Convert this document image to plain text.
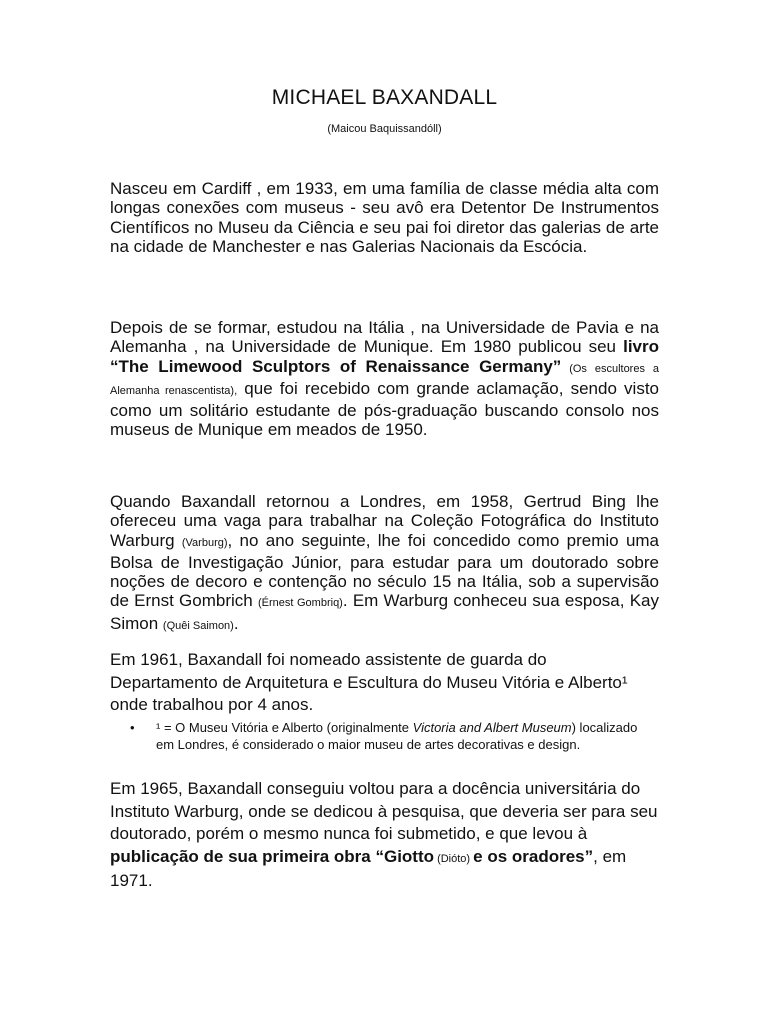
MICHAEL BAXANDALL
(Maicou Baquissandóll)

Nasceu em Cardiff , em 1933, em uma família de classe média alta com longas conexões com museus - seu avô era Detentor De Instrumentos Científicos no Museu da Ciência e seu pai foi diretor das galerias de arte na cidade de Manchester e nas Galerias Nacionais da Escócia.

Depois de se formar, estudou na Itália , na Universidade de Pavia e na Alemanha , na Universidade de Munique. Em 1980 publicou seu livro “The Limewood Sculptors of Renaissance Germany” (Os escultores a Alemanha renascentista), que foi recebido com grande aclamação, sendo visto como um solitário estudante de pós-graduação buscando consolo nos museus de Munique em meados de 1950.

Quando Baxandall retornou a Londres, em 1958, Gertrud Bing lhe ofereceu uma vaga para trabalhar na Coleção Fotográfica do Instituto Warburg (Varburg), no ano seguinte, lhe foi concedido como premio uma Bolsa de Investigação Júnior, para estudar para um doutorado sobre noções de decoro e contenção no século 15 na Itália, sob a supervisão de Ernst Gombrich (Érnest Gombriq). Em Warburg conheceu sua esposa, Kay Simon (Quêi Saimon).

Em 1961, Baxandall foi nomeado assistente de guarda do Departamento de Arquitetura e Escultura do Museu Vitória e Alberto¹ onde trabalhou por 4 anos.

• ¹ = O Museu Vitória e Alberto (originalmente Victoria and Albert Museum) localizado em Londres, é considerado o maior museu de artes decorativas e design.

Em 1965, Baxandall conseguiu voltou para a docência universitária do Instituto Warburg, onde se dedicou à pesquisa, que deveria ser para seu doutorado, porém o mesmo nunca foi submetido, e que levou à publicação de sua primeira obra “Giotto (Dióto) e os oradores”, em 1971.
